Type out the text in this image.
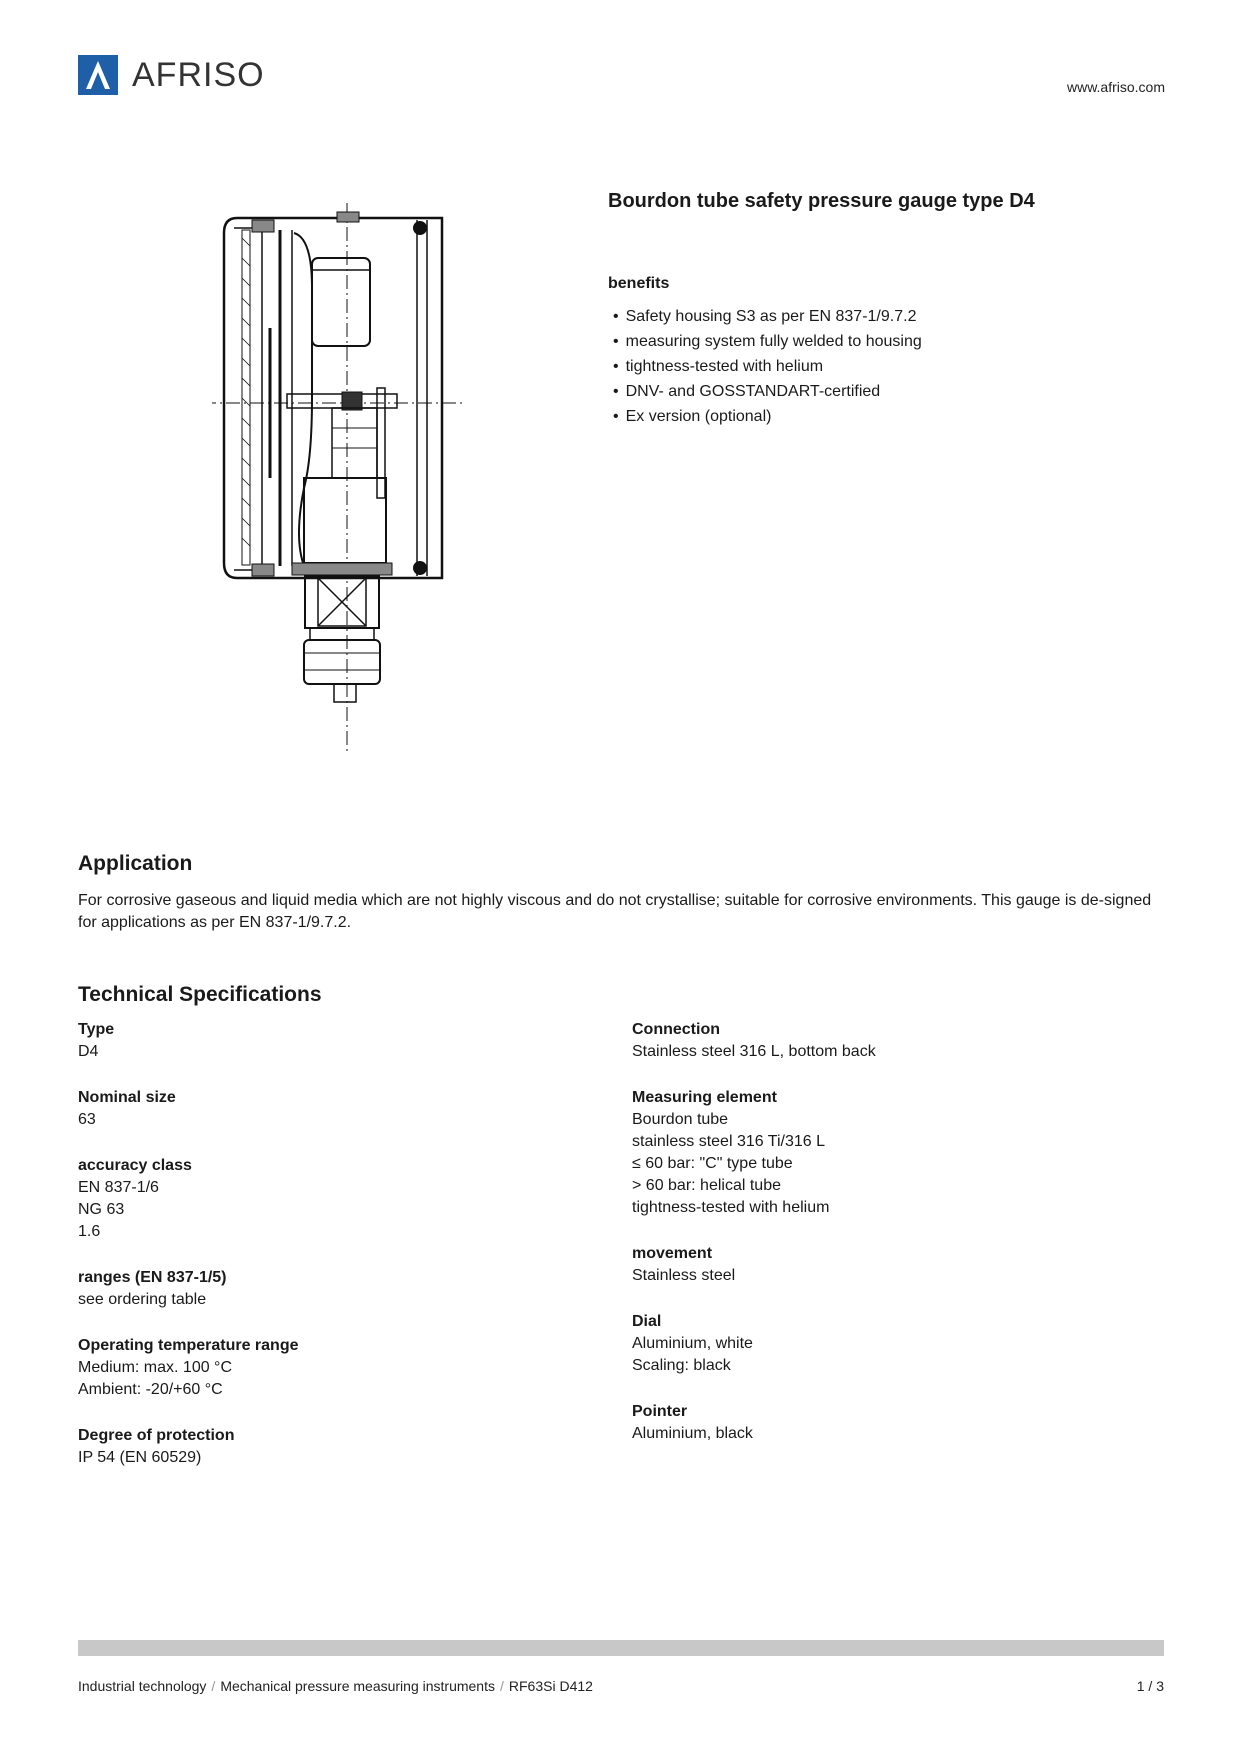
AFRISO	www.afriso.com
Bourdon tube safety pressure gauge type D4
benefits
• Safety housing S3 as per EN 837-1/9.7.2
• measuring system fully welded to housing
• tightness-tested with helium
• DNV- and GOSSTANDART-certified
• Ex version (optional)
Application

For corrosive gaseous and liquid media which are not highly viscous and do not crystallise; suitable for corrosive environments. This gauge is de-signed for applications as per EN 837-1/9.7.2.

Technical Specifications
Type
D4
Nominal size
63
accuracy class
EN 837-1/6
NG 63
1.6
ranges (EN 837-1/5)
see ordering table
Operating temperature range
Medium: max. 100 °C
Ambient: -20/+60 °C
Degree of protection
IP 54 (EN 60529)
Connection
Stainless steel 316 L, bottom back
Measuring element
Bourdon tube
stainless steel 316 Ti/316 L
≤ 60 bar: "C" type tube
> 60 bar: helical tube
tightness-tested with helium
movement
Stainless steel
Dial
Aluminium, white
Scaling: black
Pointer
Aluminium, black
Industrial technology / Mechanical pressure measuring instruments / RF63Si D412	1 / 3
